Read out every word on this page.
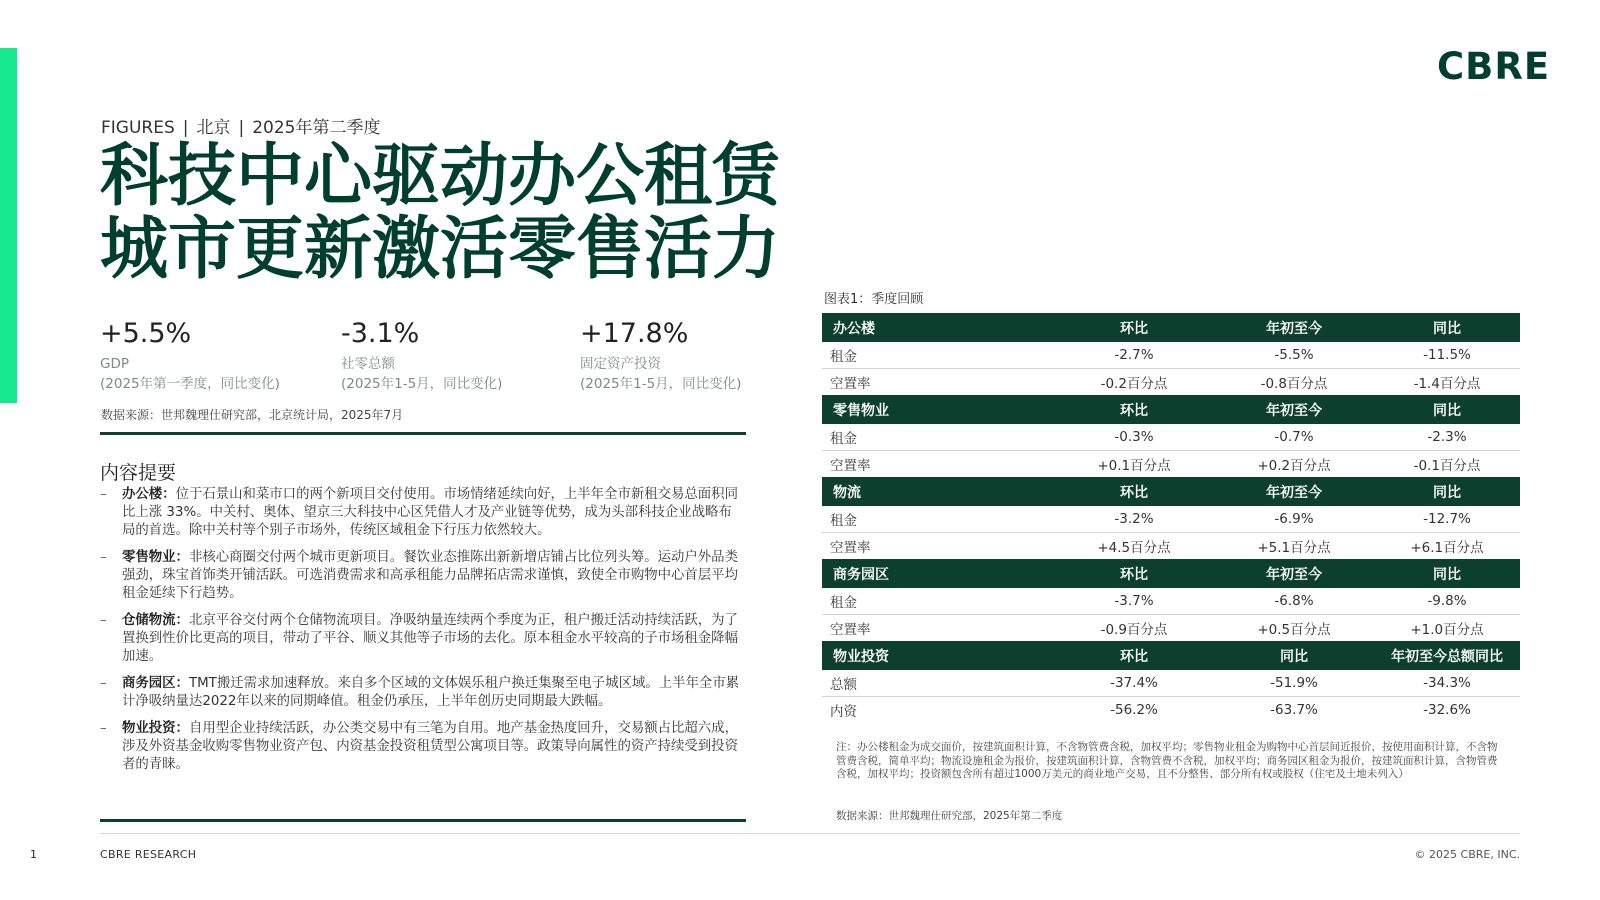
CBRE
FIGURES | 北京 | 2025年第二季度
科技中心驱动办公租赁
城市更新激活零售活力
+5.5%
GDP
(2025年第一季度，同比变化)
-3.1%
社零总额
(2025年1-5月，同比变化)
+17.8%
固定资产投资
(2025年1-5月，同比变化)
数据来源：世邦魏理仕研究部，北京统计局，2025年7月
内容提要
– 办公楼：位于石景山和菜市口的两个新项目交付使用。市场情绪延续向好，上半年全市新租交易总面积同比上涨 33%。中关村、奥体、望京三大科技中心区凭借人才及产业链等优势，成为头部科技企业战略布局的首选。除中关村等个别子市场外，传统区域租金下行压力依然较大。
– 零售物业：非核心商圈交付两个城市更新项目。餐饮业态推陈出新新增店铺占比位列头筹。运动户外品类强劲，珠宝首饰类开铺活跃。可选消费需求和高承租能力品牌拓店需求谨慎，致使全市购物中心首层平均租金延续下行趋势。
– 仓储物流：北京平谷交付两个仓储物流项目。净吸纳量连续两个季度为正，租户搬迁活动持续活跃，为了置换到性价比更高的项目，带动了平谷、顺义其他等子市场的去化。原本租金水平较高的子市场租金降幅加速。
– 商务园区：TMT搬迁需求加速释放。来自多个区域的文体娱乐租户换迁集聚至电子城区域。上半年全市累计净吸纳量达2022年以来的同期峰值。租金仍承压，上半年创历史同期最大跌幅。
– 物业投资：自用型企业持续活跃，办公类交易中有三笔为自用。地产基金热度回升，交易额占比超六成，涉及外资基金收购零售物业资产包、内资基金投资租赁型公寓项目等。政策导向属性的资产持续受到投资者的青睐。
图表1：季度回顾
办公楼	环比	年初至今	同比
租金	-2.7%	-5.5%	-11.5%
空置率	-0.2百分点	-0.8百分点	-1.4百分点
零售物业	环比	年初至今	同比
租金	-0.3%	-0.7%	-2.3%
空置率	+0.1百分点	+0.2百分点	-0.1百分点
物流	环比	年初至今	同比
租金	-3.2%	-6.9%	-12.7%
空置率	+4.5百分点	+5.1百分点	+6.1百分点
商务园区	环比	年初至今	同比
租金	-3.7%	-6.8%	-9.8%
空置率	-0.9百分点	+0.5百分点	+1.0百分点
物业投资	环比	同比	年初至今总额同比
总额	-37.4%	-51.9%	-34.3%
内资	-56.2%	-63.7%	-32.6%
注：办公楼租金为成交面价，按建筑面积计算，不含物管费含税，加权平均；零售物业租金为购物中心首层间近报价，按使用面积计算，不含物管费含税，简单平均；物流设施租金为报价，按建筑面积计算，含物管费不含税，加权平均；商务园区租金为报价，按建筑面积计算，含物管费含税，加权平均；投资额包含所有超过1000万美元的商业地产交易，且不分整售、部分所有权或股权（住宅及土地未列入）
数据来源：世邦魏理仕研究部，2025年第二季度
1	CBRE RESEARCH	© 2025 CBRE, INC.
